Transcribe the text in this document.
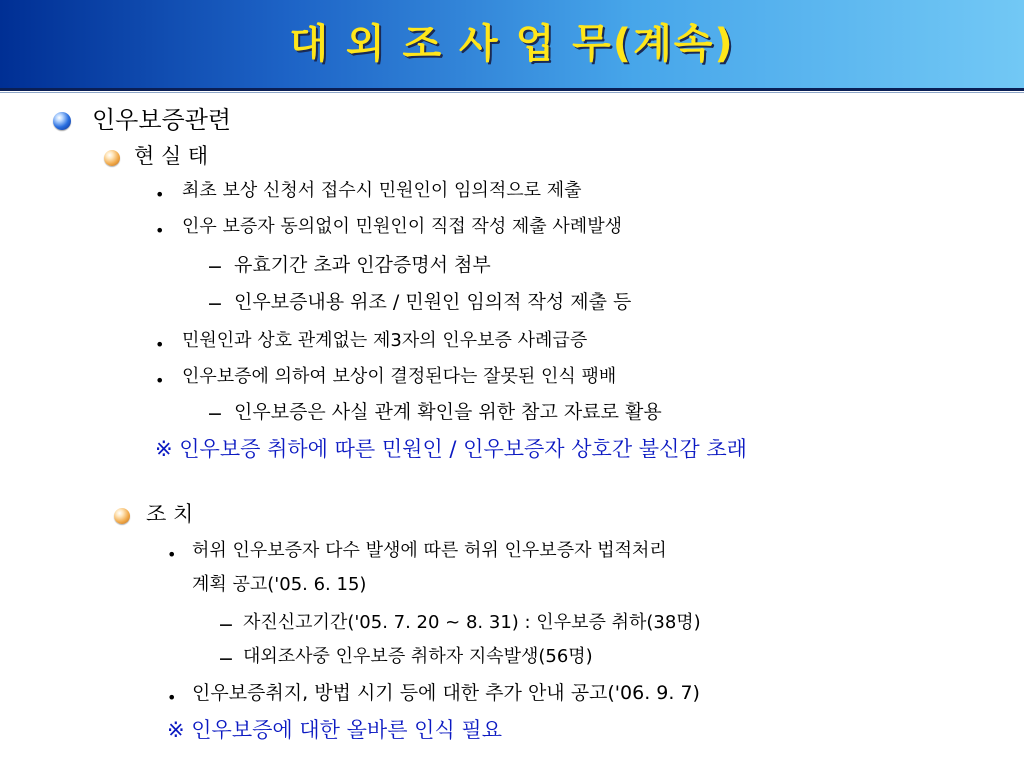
대 외 조 사 업 무(계속)
인우보증관련
현 실 태
• 최초 보상 신청서 접수시 민원인이 임의적으로 제출
• 인우 보증자 동의없이 민원인이 직접 작성 제출 사례발생
− 유효기간 초과 인감증명서 첨부
− 인우보증내용 위조 / 민원인 임의적 작성 제출 등
• 민원인과 상호 관계없는 제3자의 인우보증 사례급증
• 인우보증에 의하여 보상이 결정된다는 잘못된 인식 팽배
− 인우보증은 사실 관계 확인을 위한 참고 자료로 활용
※ 인우보증 취하에 따른 민원인 / 인우보증자 상호간 불신감 초래
조 치
• 허위 인우보증자 다수 발생에 따른 허위 인우보증자 법적처리
계획 공고('05. 6. 15)
− 자진신고기간('05. 7. 20 ~ 8. 31) : 인우보증 취하(38명)
− 대외조사중 인우보증 취하자 지속발생(56명)
• 인우보증취지, 방법 시기 등에 대한 추가 안내 공고('06. 9. 7)
※ 인우보증에 대한 올바른 인식 필요
